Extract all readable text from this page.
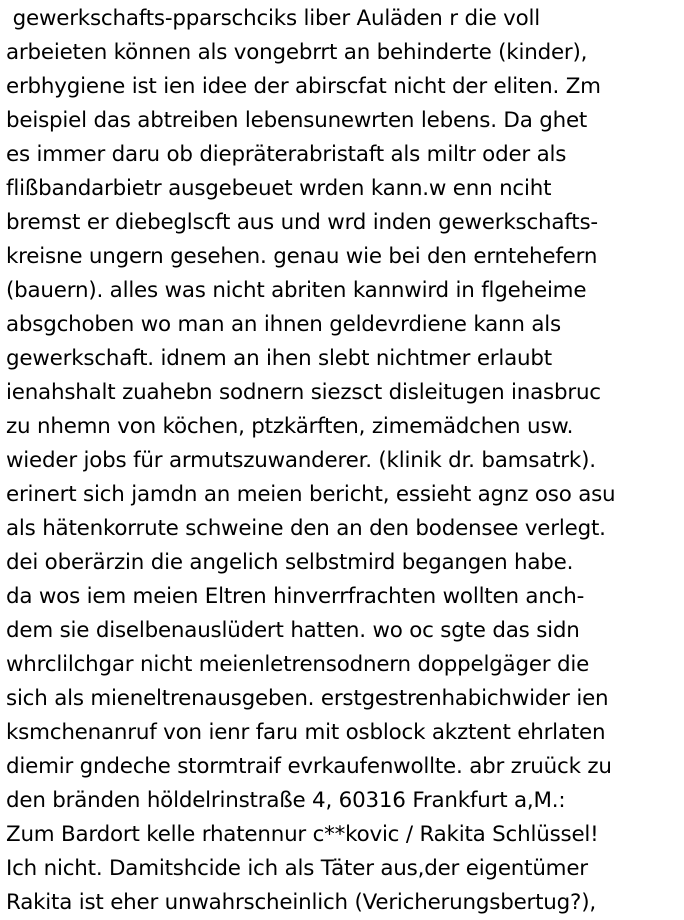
gewerkschafts-pparschciks liber Auläden r die voll
arbeieten können als vongebrrt an behinderte (kinder),
erbhygiene ist ien idee der abirscfat nicht der eliten. Zm
beispiel das abtreiben lebensunewrten lebens. Da ghet
es immer daru ob diepräterabristaft als miltr oder als
flißbandarbietr ausgebeuet wrden kann.w enn nciht
bremst er diebeglscft aus und wrd inden gewerkschafts-
kreisne ungern gesehen. genau wie bei den erntehefern
(bauern). alles was nicht abriten kannwird in flgeheime
absgchoben wo man an ihnen geldevrdiene kann als
gewerkschaft. idnem an ihen slebt nichtmer erlaubt
ienahshalt zuahebn sodnern siezsct disleitugen inasbruc
zu nhemn von köchen, ptzkärften, zimemädchen usw.
wieder jobs für armutszuwanderer. (klinik dr. bamsatrk).
erinert sich jamdn an meien bericht, essieht agnz oso asu
als hätenkorrute schweine den an den bodensee verlegt.
dei oberärzin die angelich selbstmird begangen habe.
da wos iem meien Eltren hinverrfrachten wollten anch-
dem sie diselbenauslüdert hatten. wo oc sgte das sidn
whrclilchgar nicht meienletrensodnern doppelgäger die
sich als mieneltrenausgeben. erstgestrenhabichwider ien
ksmchenanruf von ienr faru mit osblock akztent ehrlaten
diemir gndeche stormtraif evrkaufenwollte. abr zruück zu
den bränden höldelrinstraße 4, 60316 Frankfurt a,M.:
Zum Bardort kelle rhatennur c**kovic / Rakita Schlüssel!
Ich nicht. Damitshcide ich als Täter aus,der eigentümer
Rakita ist eher unwahrscheinlich (Vericherungsbertug?),
